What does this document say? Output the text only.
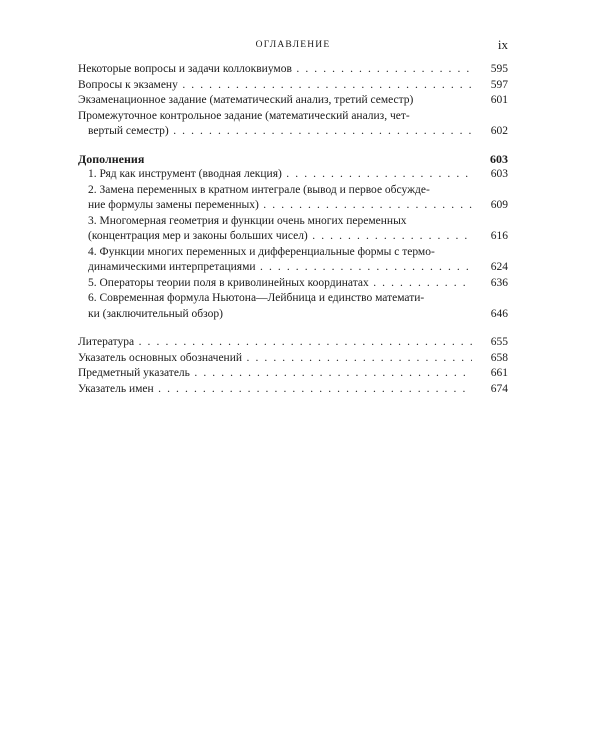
ОГЛАВЛЕНИЕ	ix
Некоторые вопросы и задачи коллоквиумов . . .	595
Вопросы к экзамену . . .	597
Экзаменационное задание (математический анализ, третий семестр)	601
Промежуточное контрольное задание (математический анализ, чет-
вертый семестр) . . .	602
Дополнения	603
1. Ряд как инструмент (вводная лекция) . . .	603
2. Замена переменных в кратном интеграле (вывод и первое обсужде-
ние формулы замены переменных) . . .	609
3. Многомерная геометрия и функции очень многих переменных
(концентрация мер и законы больших чисел) . . .	616
4. Функции многих переменных и дифференциальные формы с термо-
динамическими интерпретациями . . .	624
5. Операторы теории поля в криволинейных координатах . . .	636
6. Современная формула Ньютона—Лейбница и единство математи-
ки (заключительный обзор)	646
Литература . . .	655
Указатель основных обозначений . . .	658
Предметный указатель . . .	661
Указатель имен . . .	674
